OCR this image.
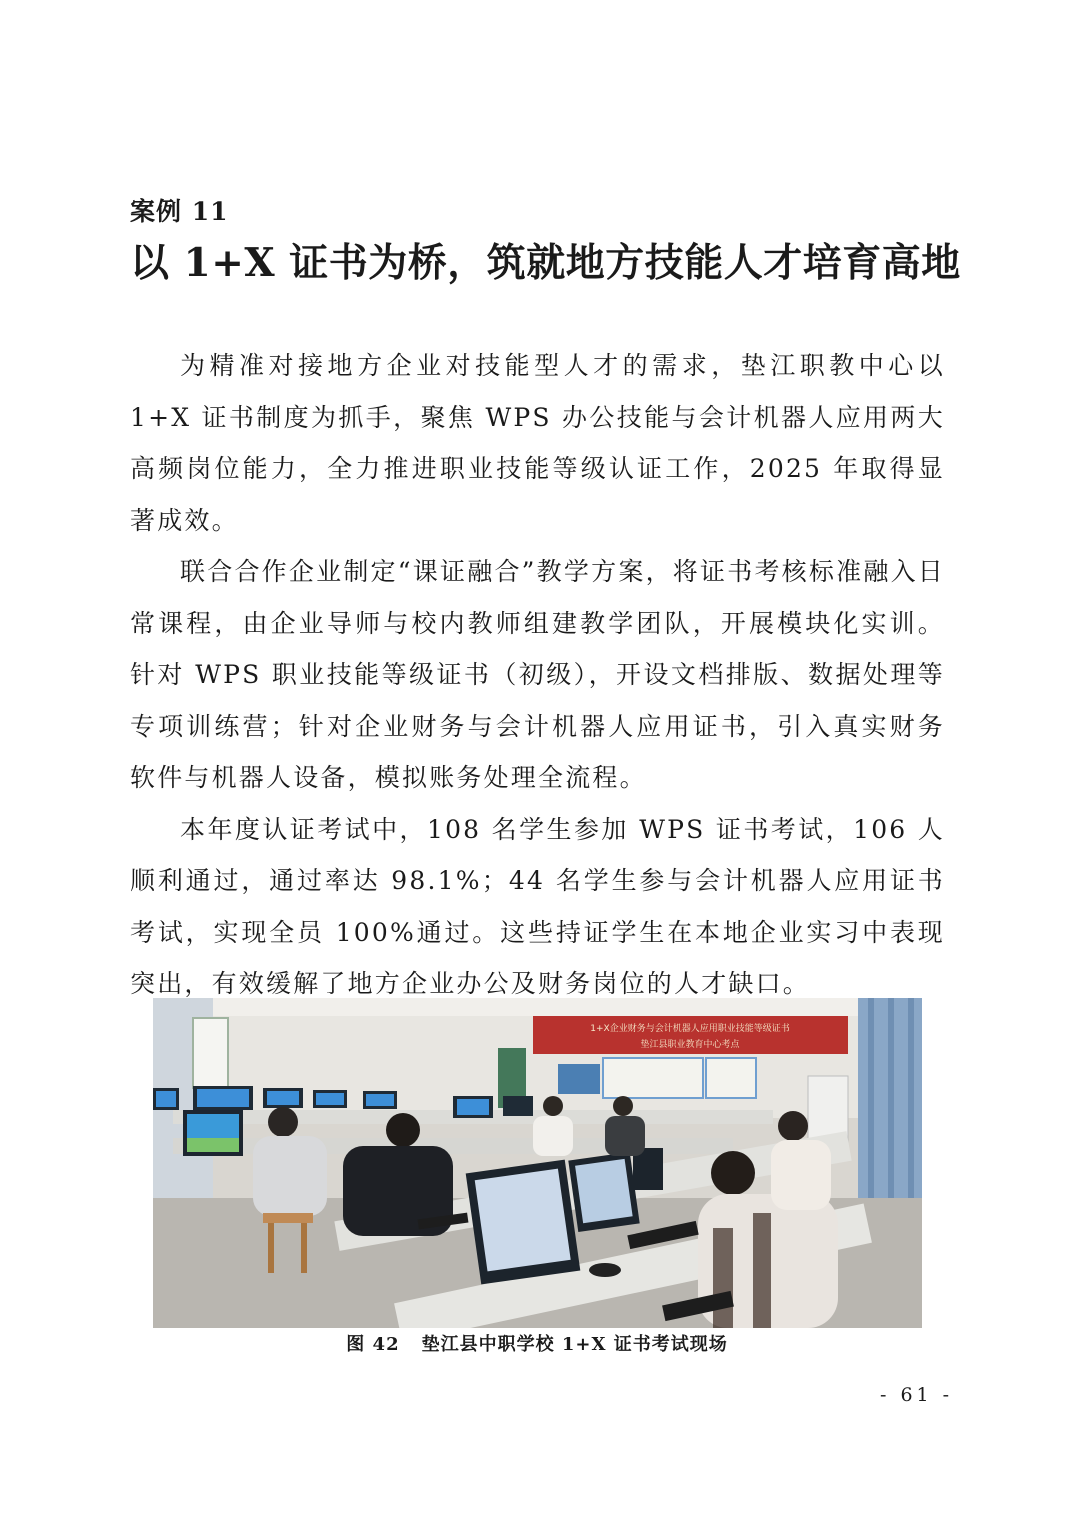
案例 11
以 1+X 证书为桥，筑就地方技能人才培育高地

为精准对接地方企业对技能型人才的需求，垫江职教中心以 1+X 证书制度为抓手，聚焦 WPS 办公技能与会计机器人应用两大高频岗位能力，全力推进职业技能等级认证工作，2025 年取得显著成效。

联合合作企业制定“课证融合”教学方案，将证书考核标准融入日常课程，由企业导师与校内教师组建教学团队，开展模块化实训。针对 WPS 职业技能等级证书（初级），开设文档排版、数据处理等专项训练营；针对企业财务与会计机器人应用证书，引入真实财务软件与机器人设备，模拟账务处理全流程。

本年度认证考试中，108 名学生参加 WPS 证书考试，106 人顺利通过，通过率达 98.1%；44 名学生参与会计机器人应用证书考试，实现全员 100%通过。这些持证学生在本地企业实习中表现突出，有效缓解了地方企业办公及财务岗位的人才缺口。

1+X企业财务与会计机器人应用职业技能等级证书
垫江县职业教育中心考点
图 42 垫江县中职学校 1+X 证书考试现场
- 61 -
